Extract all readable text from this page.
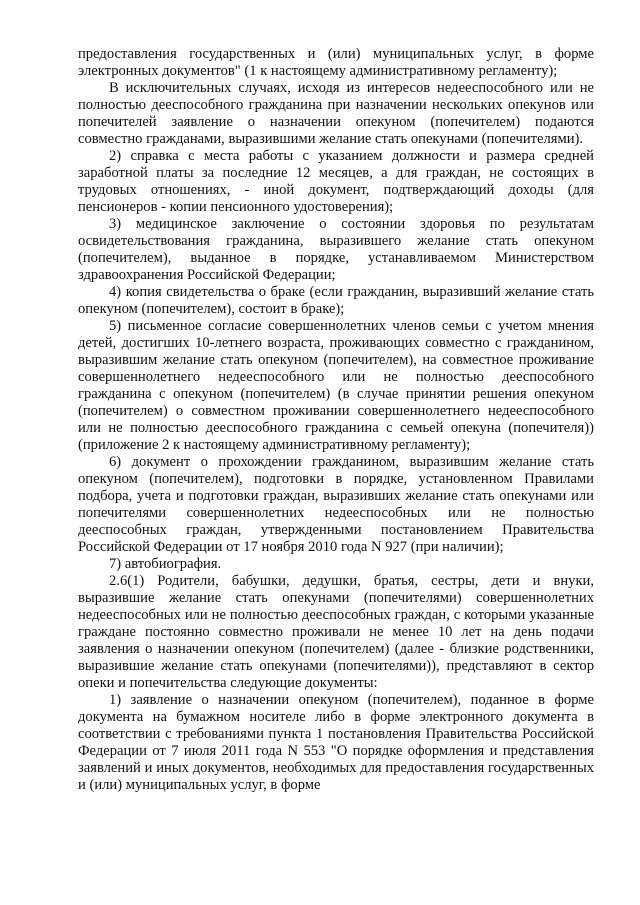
предоставления государственных и (или) муниципальных услуг, в форме электронных документов" (1 к настоящему административному регламенту);

В исключительных случаях, исходя из интересов недееспособного или не полностью дееспособного гражданина при назначении нескольких опекунов или попечителей заявление о назначении опекуном (попечителем) подаются совместно гражданами, выразившими желание стать опекунами (попечителями).

2) справка с места работы с указанием должности и размера средней заработной платы за последние 12 месяцев, а для граждан, не состоящих в трудовых отношениях, - иной документ, подтверждающий доходы (для пенсионеров - копии пенсионного удостоверения);

3) медицинское заключение о состоянии здоровья по результатам освидетельствования гражданина, выразившего желание стать опекуном (попечителем), выданное в порядке, устанавливаемом Министерством здравоохранения Российской Федерации;

4) копия свидетельства о браке (если гражданин, выразивший желание стать опекуном (попечителем), состоит в браке);

5) письменное согласие совершеннолетних членов семьи с учетом мнения детей, достигших 10-летнего возраста, проживающих совместно с гражданином, выразившим желание стать опекуном (попечителем), на совместное проживание совершеннолетнего недееспособного или не полностью дееспособного гражданина с опекуном (попечителем) (в случае принятии решения опекуном (попечителем) о совместном проживании совершеннолетнего недееспособного или не полностью дееспособного гражданина с семьей опекуна (попечителя)) (приложение 2 к настоящему административному регламенту);

6) документ о прохождении гражданином, выразившим желание стать опекуном (попечителем), подготовки в порядке, установленном Правилами подбора, учета и подготовки граждан, выразивших желание стать опекунами или попечителями совершеннолетних недееспособных или не полностью дееспособных граждан, утвержденными постановлением Правительства Российской Федерации от 17 ноября 2010 года N 927 (при наличии);

7) автобиография.

2.6(1) Родители, бабушки, дедушки, братья, сестры, дети и внуки, выразившие желание стать опекунами (попечителями) совершеннолетних недееспособных или не полностью дееспособных граждан, с которыми указанные граждане постоянно совместно проживали не менее 10 лет на день подачи заявления о назначении опекуном (попечителем) (далее - близкие родственники, выразившие желание стать опекунами (попечителями)), представляют в сектор опеки и попечительства следующие документы:

1) заявление о назначении опекуном (попечителем), поданное в форме документа на бумажном носителе либо в форме электронного документа в соответствии с требованиями пункта 1 постановления Правительства Российской Федерации от 7 июля 2011 года N 553 "О порядке оформления и представления заявлений и иных документов, необходимых для предоставления государственных и (или) муниципальных услуг, в форме
